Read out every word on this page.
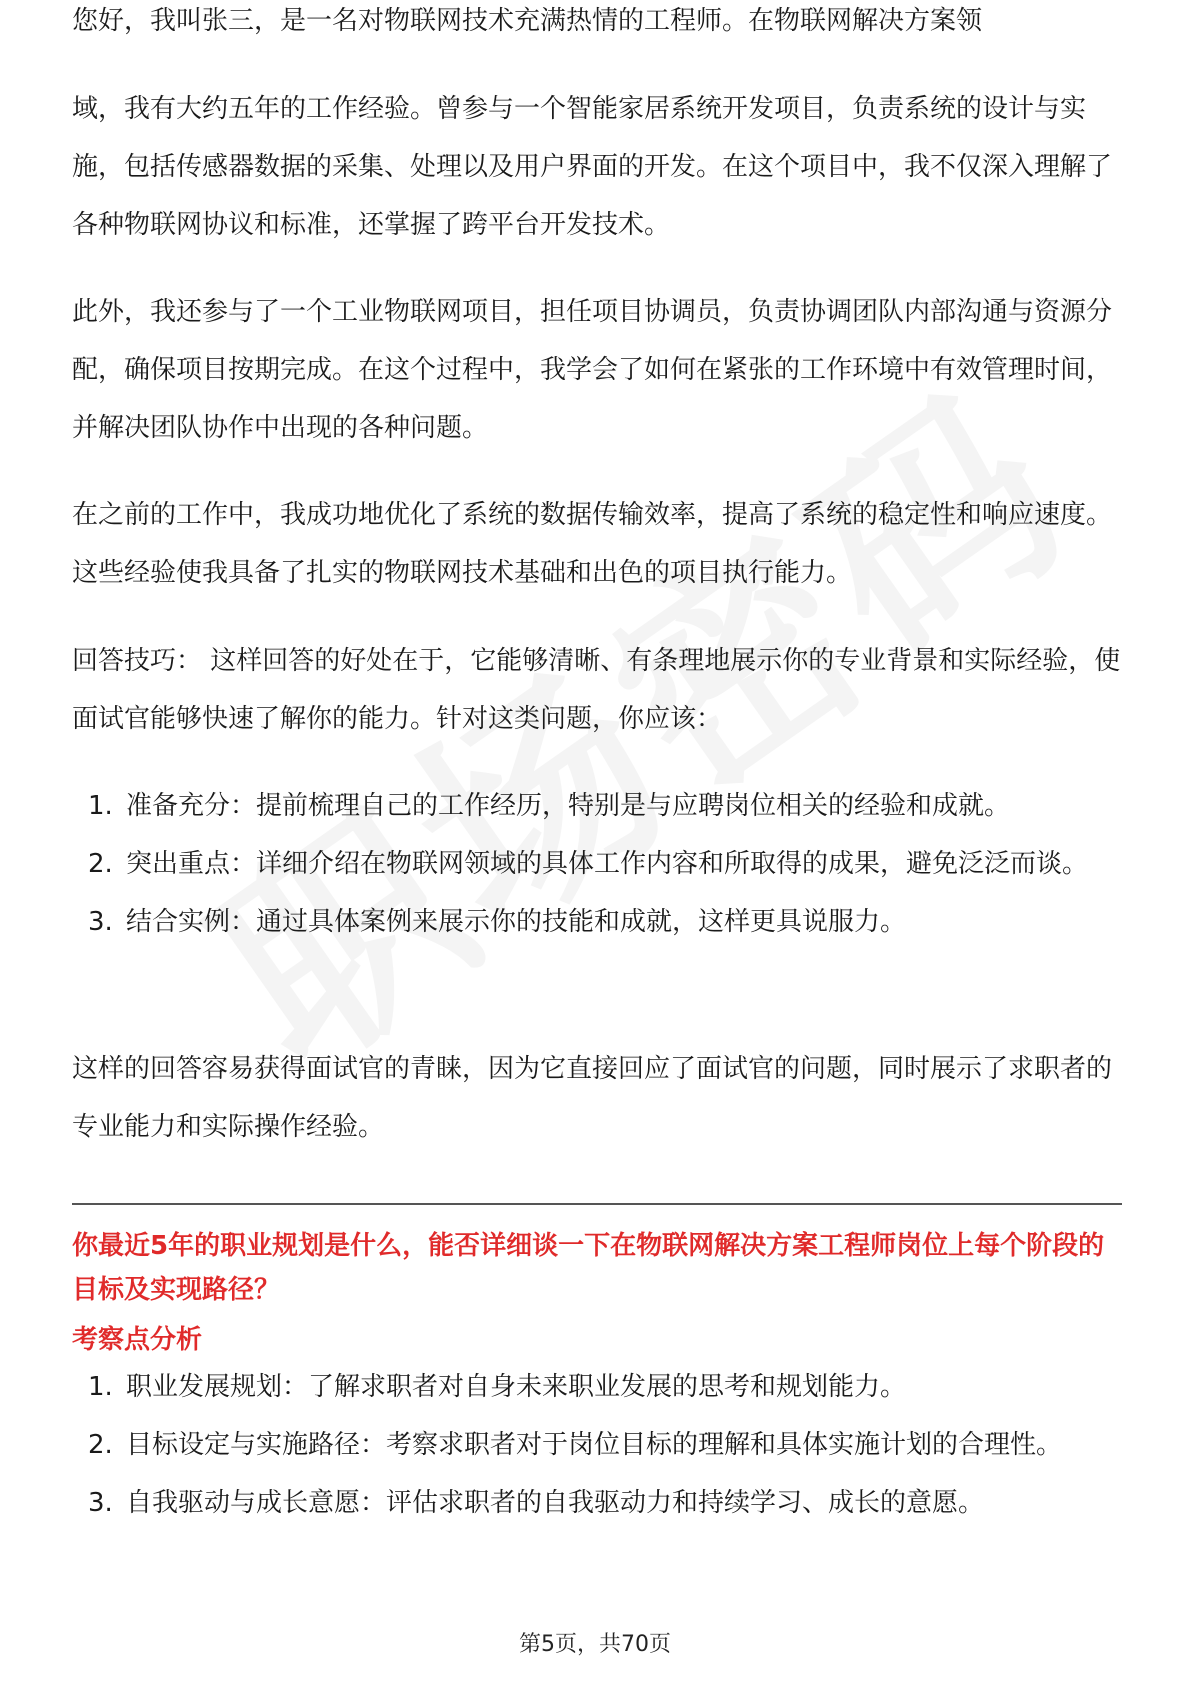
您好，我叫张三，是一名对物联网技术充满热情的工程师。在物联网解决方案领

域，我有大约五年的工作经验。曾参与一个智能家居系统开发项目，负责系统的设计与实施，包括传感器数据的采集、处理以及用户界面的开发。在这个项目中，我不仅深入理解了各种物联网协议和标准，还掌握了跨平台开发技术。

此外，我还参与了一个工业物联网项目，担任项目协调员，负责协调团队内部沟通与资源分配，确保项目按期完成。在这个过程中，我学会了如何在紧张的工作环境中有效管理时间，并解决团队协作中出现的各种问题。

在之前的工作中，我成功地优化了系统的数据传输效率，提高了系统的稳定性和响应速度。这些经验使我具备了扎实的物联网技术基础和出色的项目执行能力。

回答技巧： 这样回答的好处在于，它能够清晰、有条理地展示你的专业背景和实际经验，使面试官能够快速了解你的能力。针对这类问题，你应该：

1. 准备充分：提前梳理自己的工作经历，特别是与应聘岗位相关的经验和成就。
2. 突出重点：详细介绍在物联网领域的具体工作内容和所取得的成果，避免泛泛而谈。
3. 结合实例：通过具体案例来展示你的技能和成就，这样更具说服力。

这样的回答容易获得面试官的青睐，因为它直接回应了面试官的问题，同时展示了求职者的专业能力和实际操作经验。

你最近5年的职业规划是什么，能否详细谈一下在物联网解决方案工程师岗位上每个阶段的目标及实现路径？
考察点分析
1. 职业发展规划：了解求职者对自身未来职业发展的思考和规划能力。
2. 目标设定与实施路径：考察求职者对于岗位目标的理解和具体实施计划的合理性。
3. 自我驱动与成长意愿：评估求职者的自我驱动力和持续学习、成长的意愿。
第5页，共70页
